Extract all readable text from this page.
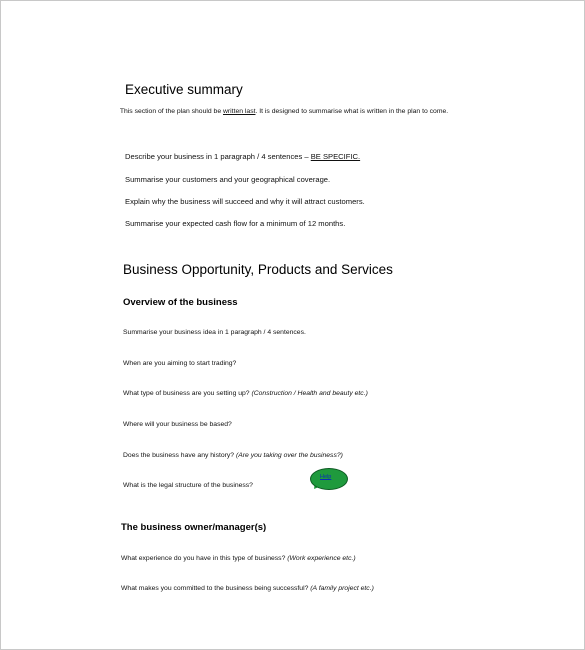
Executive summary
This section of the plan should be written last. It is designed to summarise what is written in the plan to come.
Describe your business in 1 paragraph / 4 sentences – BE SPECIFIC.
Summarise your customers and your geographical coverage.
Explain why the business will succeed and why it will attract customers.
Summarise your expected cash flow for a minimum of 12 months.
Business Opportunity, Products and Services
Overview of the business
Summarise your business idea in 1 paragraph / 4 sentences.
When are you aiming to start trading?
What type of business are you setting up? (Construction / Health and beauty etc.)
Where will your business be based?
Does the business have any history? (Are you taking over the business?)
What is the legal structure of the business?
Help
The business owner/manager(s)
What experience do you have in this type of business? (Work experience etc.)
What makes you committed to the business being successful? (A family project etc.)
